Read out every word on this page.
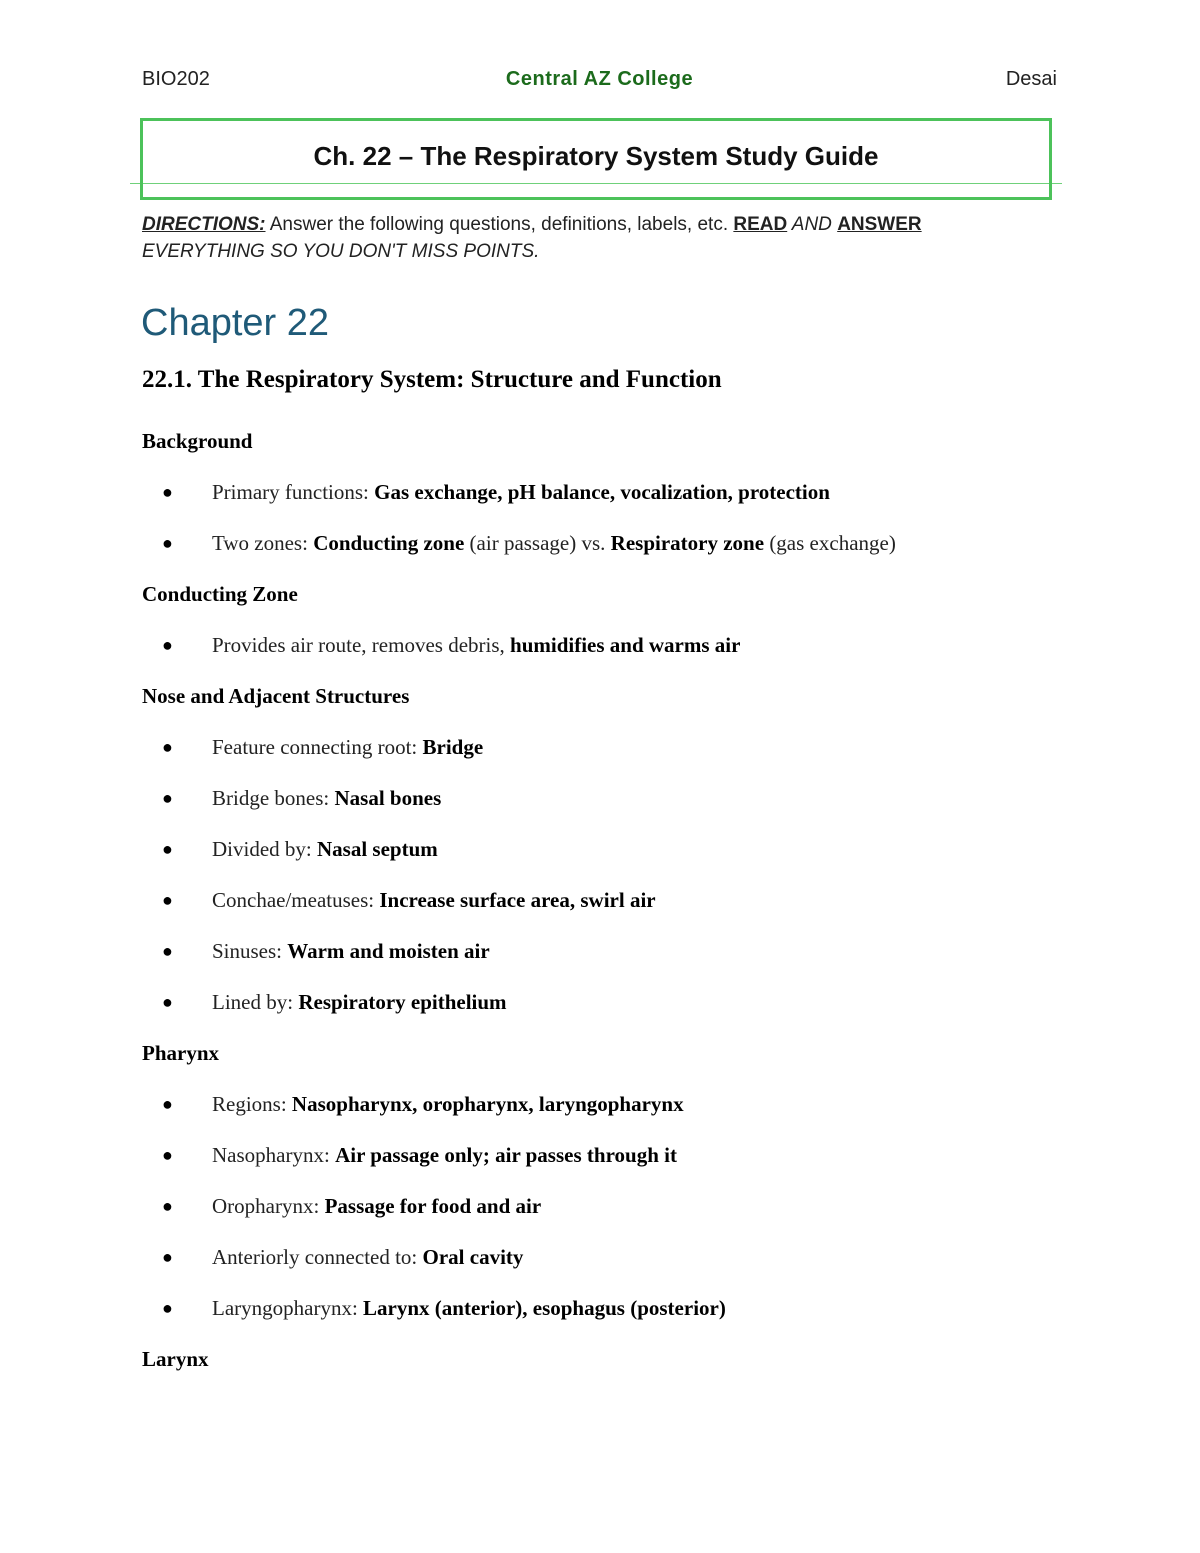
BIO202	Central AZ College	Desai
Ch. 22 – The Respiratory System Study Guide
DIRECTIONS: Answer the following questions, definitions, labels, etc. READ AND ANSWER
EVERYTHING SO YOU DON'T MISS POINTS.
Chapter 22
22.1. The Respiratory System: Structure and Function
Background
● Primary functions: Gas exchange, pH balance, vocalization, protection
● Two zones: Conducting zone (air passage) vs. Respiratory zone (gas exchange)
Conducting Zone
● Provides air route, removes debris, humidifies and warms air
Nose and Adjacent Structures
● Feature connecting root: Bridge
● Bridge bones: Nasal bones
● Divided by: Nasal septum
● Conchae/meatuses: Increase surface area, swirl air
● Sinuses: Warm and moisten air
● Lined by: Respiratory epithelium
Pharynx
● Regions: Nasopharynx, oropharynx, laryngopharynx
● Nasopharynx: Air passage only; air passes through it
● Oropharynx: Passage for food and air
● Anteriorly connected to: Oral cavity
● Laryngopharynx: Larynx (anterior), esophagus (posterior)
Larynx
